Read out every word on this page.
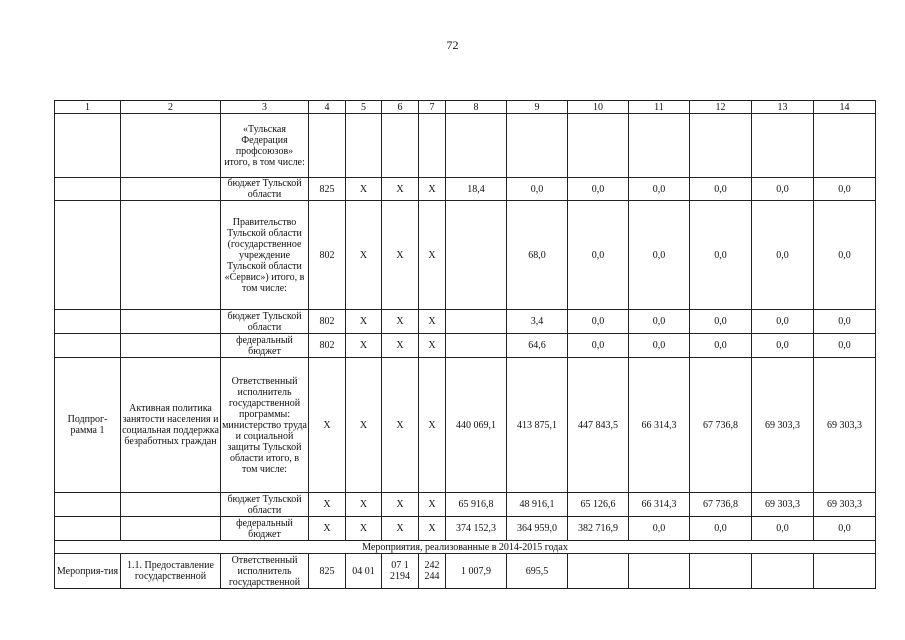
72
1	2	3	4	5	6	7	8	9	10	11	12	13	14
		«Тульская Федерация профсоюзов» итого, в том числе:											
		бюджет Тульской области	825	Х	Х	Х	18,4	0,0	0,0	0,0	0,0	0,0	0,0
		Правительство Тульской области (государственное учреждение Тульской области «Сервис») итого, в том числе:	802	Х	Х	Х		68,0	0,0	0,0	0,0	0,0	0,0
		бюджет Тульской области	802	Х	Х	Х		3,4	0,0	0,0	0,0	0,0	0,0
		федеральный бюджет	802	Х	Х	Х		64,6	0,0	0,0	0,0	0,0	0,0
Подпрог-рамма 1	Активная политика занятости населения и социальная поддержка безработных граждан	Ответственный исполнитель государственной программы: министерство труда и социальной защиты Тульской области итого, в том числе:	Х	Х	Х	Х	440 069,1	413 875,1	447 843,5	66 314,3	67 736,8	69 303,3	69 303,3
		бюджет Тульской области	Х	Х	Х	Х	65 916,8	48 916,1	65 126,6	66 314,3	67 736,8	69 303,3	69 303,3
		федеральный бюджет	Х	Х	Х	Х	374 152,3	364 959,0	382 716,9	0,0	0,0	0,0	0,0
Мероприятия, реализованные в 2014-2015 годах													
Мероприя-тия	1.1. Предоставление государственной	Ответственный исполнитель государственной	825	04 01	07 1 2194	242 244	1 007,9	695,5					
